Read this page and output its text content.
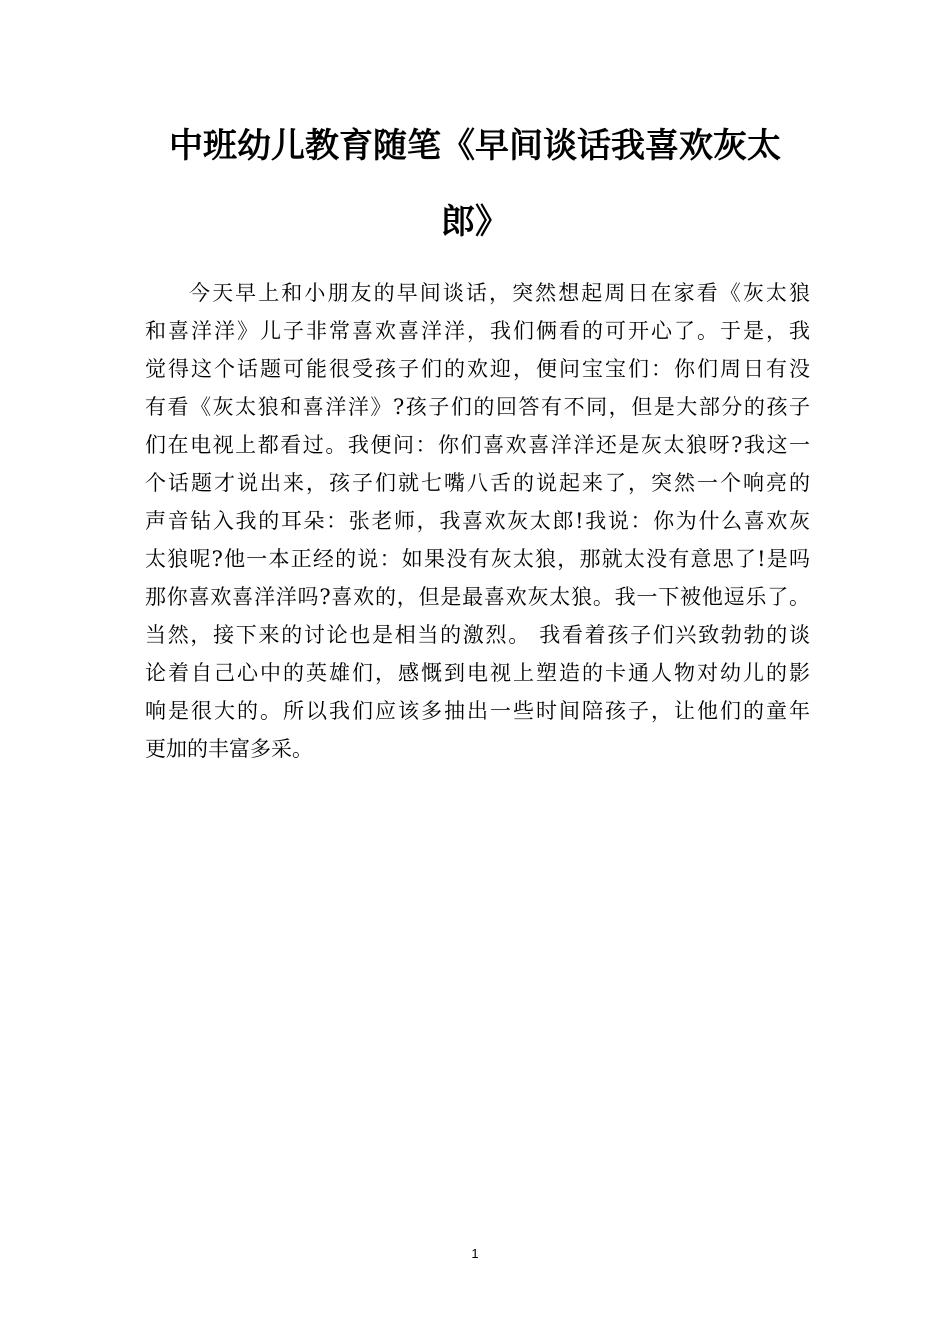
中班幼儿教育随笔《早间谈话我喜欢灰太
郎》
今天早上和小朋友的早间谈话，突然想起周日在家看《灰太狼
和喜洋洋》儿子非常喜欢喜洋洋，我们俩看的可开心了。于是，我
觉得这个话题可能很受孩子们的欢迎，便问宝宝们：你们周日有没
有看《灰太狼和喜洋洋》?孩子们的回答有不同，但是大部分的孩子
们在电视上都看过。我便问：你们喜欢喜洋洋还是灰太狼呀?我这一
个话题才说出来，孩子们就七嘴八舌的说起来了，突然一个响亮的
声音钻入我的耳朵：张老师，我喜欢灰太郎!我说：你为什么喜欢灰
太狼呢?他一本正经的说：如果没有灰太狼，那就太没有意思了!是吗
那你喜欢喜洋洋吗?喜欢的，但是最喜欢灰太狼。我一下被他逗乐了。
当然，接下来的讨论也是相当的激烈。 我看着孩子们兴致勃勃的谈
论着自己心中的英雄们，感慨到电视上塑造的卡通人物对幼儿的影
响是很大的。所以我们应该多抽出一些时间陪孩子，让他们的童年
更加的丰富多采。
1
